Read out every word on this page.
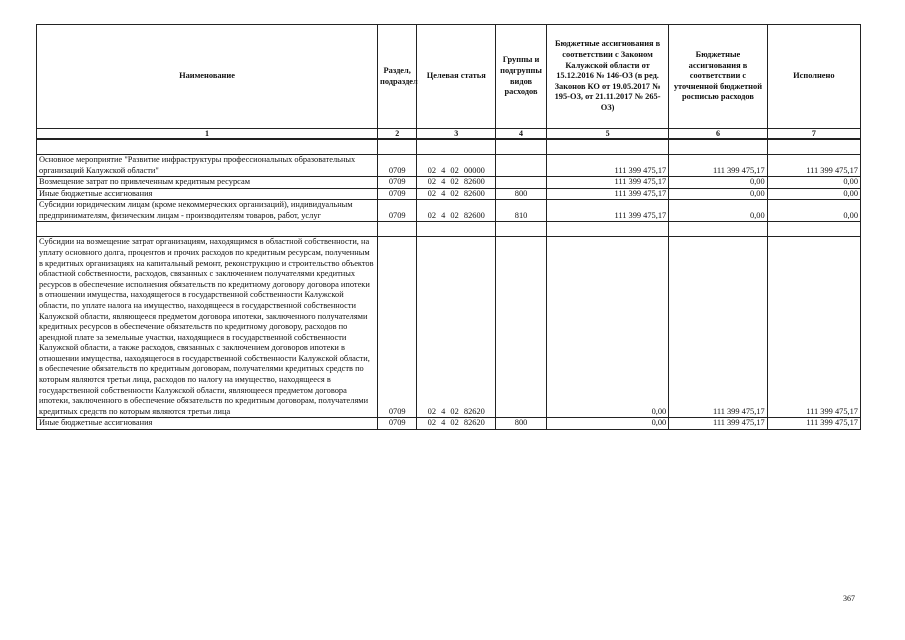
Наименование	Раздел, подраздел	Целевая статья	Группы и подгруппы видов расходов	Бюджетные ассигнования в соответствии с Законом Калужской области от 15.12.2016 № 146-ОЗ (в ред. Законов КО от 19.05.2017 № 195-ОЗ, от 21.11.2017 № 265-ОЗ)	Бюджетные ассигнования в соответствии с уточненной бюджетной росписью расходов	Исполнено
1	2	3	4	5	6	7

Основное мероприятие "Развитие инфраструктуры профессиональных образовательных организаций Калужской области"	0709	02 4 02 00000		111 399 475,17	111 399 475,17	111 399 475,17
Возмещение затрат по привлеченным кредитным ресурсам	0709	02 4 02 82600		111 399 475,17	0,00	0,00
Иные бюджетные ассигнования	0709	02 4 02 82600	800	111 399 475,17	0,00	0,00
Субсидии юридическим лицам (кроме некоммерческих организаций), индивидуальным предпринимателям, физическим лицам - производителям товаров, работ, услуг	0709	02 4 02 82600	810	111 399 475,17	0,00	0,00

Субсидии на возмещение затрат организациям, находящимся в областной собственности, на уплату основного долга, процентов и прочих расходов по кредитным ресурсам, полученным в кредитных организациях на капитальный ремонт, реконструкцию и строительство объектов областной собственности, расходов, связанных с заключением получателями кредитных ресурсов в обеспечение исполнения обязательств по кредитному договору договора ипотеки в отношении имущества, находящегося в государственной собственности Калужской области, по уплате налога на имущество, находящееся в государственной собственности Калужской области, являющееся предметом договора ипотеки, заключенного получателями кредитных ресурсов в обеспечение обязательств по кредитному договору, расходов по арендной плате за земельные участки, находящиеся в государственной собственности Калужской области, а также расходов, связанных с заключением договоров ипотеки в отношении имущества, находящегося в государственной собственности Калужской области, в обеспечение обязательств по кредитным договорам, получателями кредитных средств по которым являются третьи лица, расходов по налогу на имущество, находящееся в государственной собственности Калужской области, являющееся предметом договора ипотеки, заключенного в обеспечение обязательств по кредитным договорам, получателями кредитных средств по которым являются третьи лица	0709	02 4 02 82620		0,00	111 399 475,17	111 399 475,17
Иные бюджетные ассигнования	0709	02 4 02 82620	800	0,00	111 399 475,17	111 399 475,17
367
